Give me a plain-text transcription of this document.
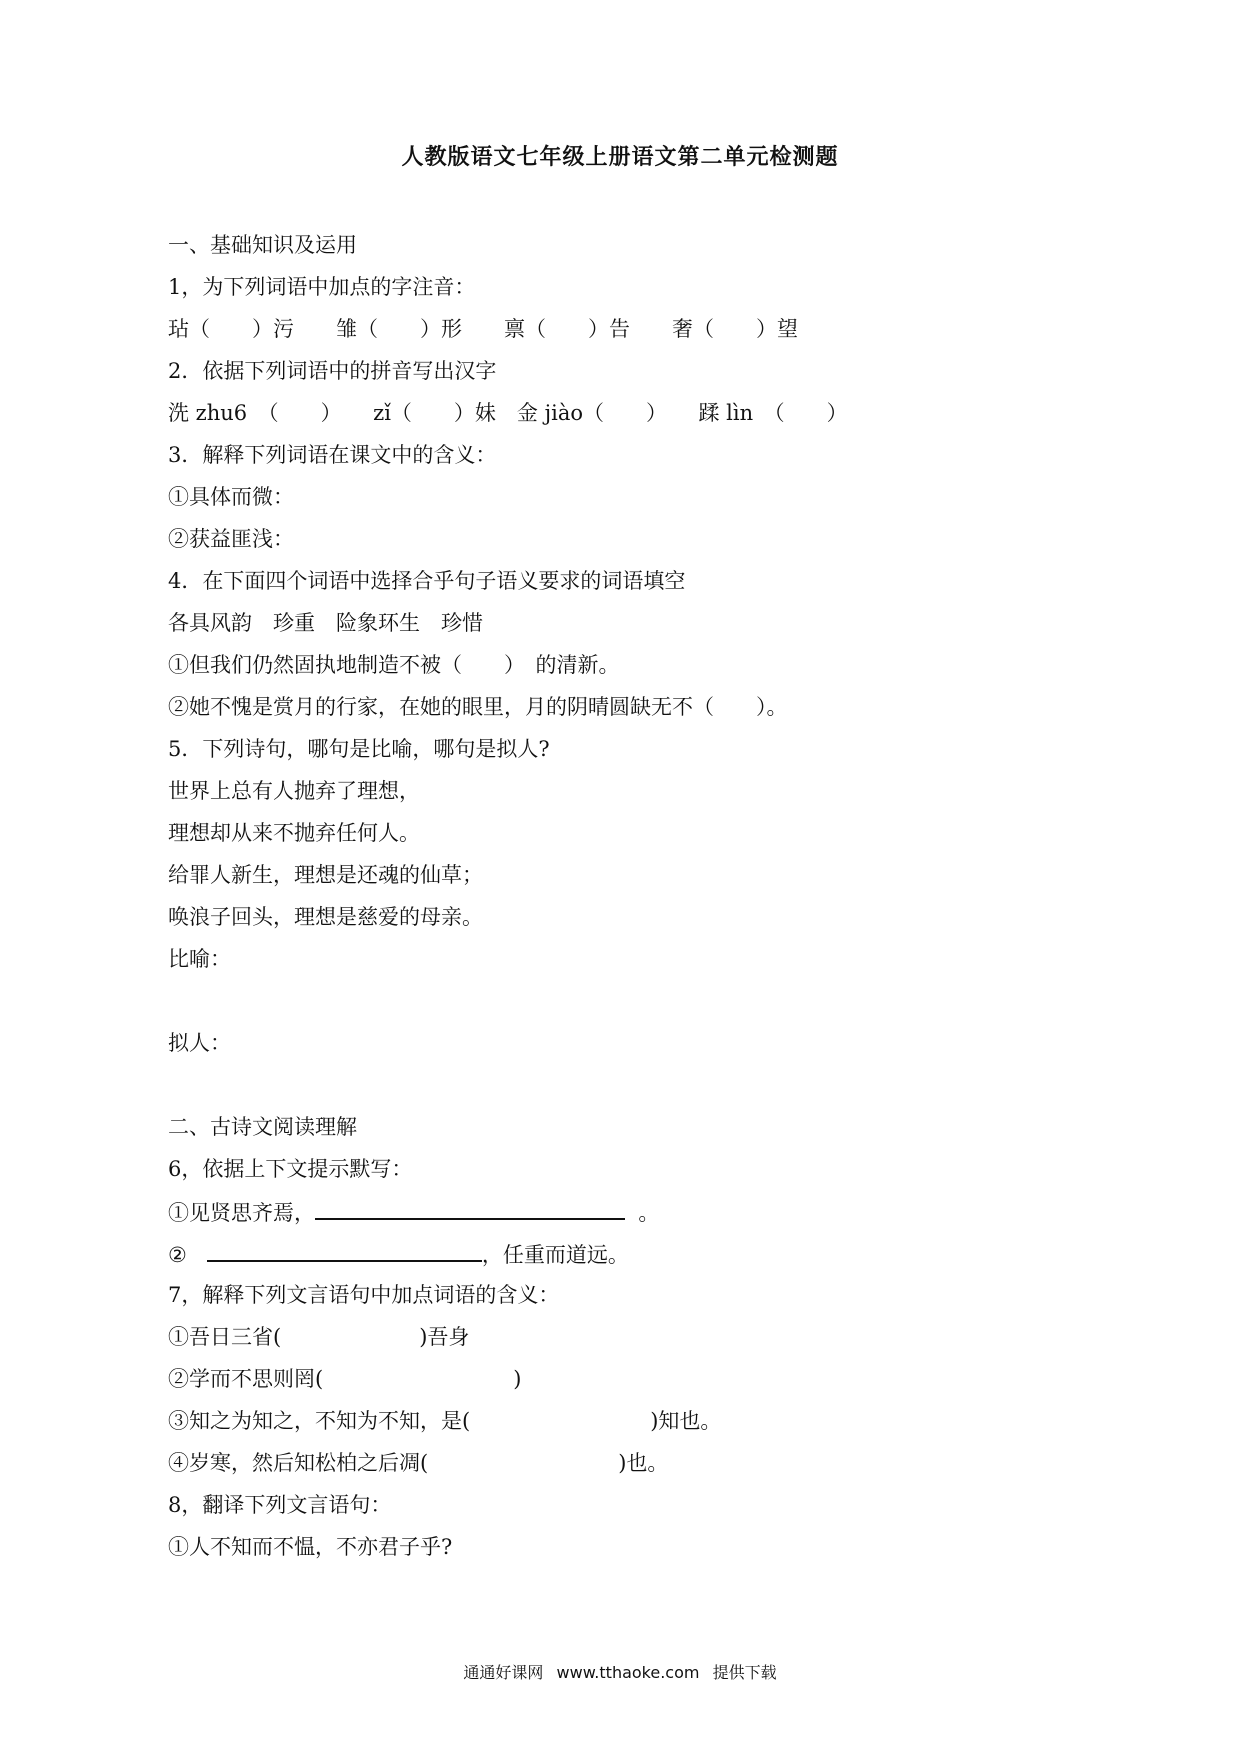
人教版语文七年级上册语文第二单元检测题
一、基础知识及运用
1，为下列词语中加点的字注音：
玷（　　）污　　雏（　　）形　　禀（　　）告　　奢（　　）望
2．依据下列词语中的拼音写出汉字
洗 zhu6　（　　）　　zǐ（　　）妹　金 jiào（　　）　　蹂 lìn　（　　）
3．解释下列词语在课文中的含义：
①具体而微：
②获益匪浅：
4．在下面四个词语中选择合乎句子语义要求的词语填空
各具风韵　珍重　险象环生　珍惜
①但我们仍然固执地制造不被（　　）　的清新。
②她不愧是赏月的行家，在她的眼里，月的阴晴圆缺无不（　　）。
5．下列诗句，哪句是比喻，哪句是拟人?
世界上总有人抛弃了理想，
理想却从来不抛弃任何人。
给罪人新生，理想是还魂的仙草；
唤浪子回头，理想是慈爱的母亲。
比喻：
拟人：
二、古诗文阅读理解
6，依据上下文提示默写：
①见贤思齐焉，	。
②	，任重而道远。
7，解释下列文言语句中加点词语的含义：
①吾日三省(	)吾身
②学而不思则罔(	)
③知之为知之，不知为不知，是(	)知也。
④岁寒，然后知松柏之后凋(	)也。
8，翻译下列文言语句：
①人不知而不愠，不亦君子乎?
通通好课网 www.tthaoke.com 提供下载
